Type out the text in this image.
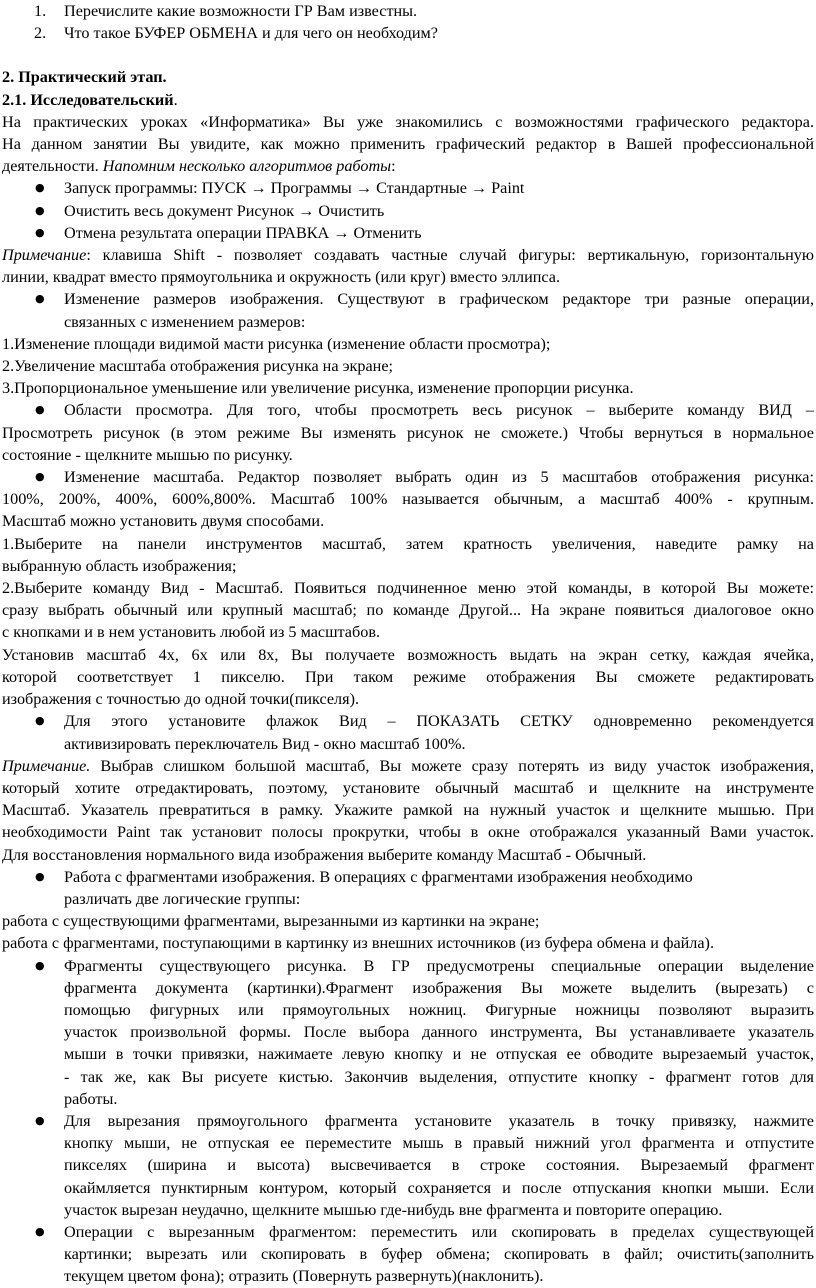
1. Перечислите какие возможности ГР Вам известны.

2. Что такое БУФЕР ОБМЕНА и для чего он необходим?

2. Практический этап.

2.1. Исследовательский.

На практических уроках «Информатика» Вы уже знакомились с возможностями графического редактора.

На данном занятии Вы увидите, как можно применить графический редактор в Вашей профессиональной

деятельности. Напомним несколько алгоритмов работы:

● Запуск программы: ПУСК → Программы → Стандартные → Paint

● Очистить весь документ Рисунок → Очистить

● Отмена результата операции ПРАВКА → Отменить

Примечание: клавиша Shift - позволяет создавать частные случай фигуры: вертикальную, горизонтальную

линии, квадрат вместо прямоугольника и окружность (или круг) вместо эллипса.

● Изменение размеров изображения. Существуют в графическом редакторе три разные операции,

связанных с изменением размеров:

1.Изменение площади видимой масти рисунка (изменение области просмотра);

2.Увеличение масштаба отображения рисунка на экране;

3.Пропорциональное уменьшение или увеличение рисунка, изменение пропорции рисунка.

● Области просмотра. Для того, чтобы просмотреть весь рисунок – выберите команду ВИД –

Просмотреть рисунок (в этом режиме Вы изменять рисунок не сможете.) Чтобы вернуться в нормальное

состояние - щелкните мышью по рисунку.

● Изменение масштаба. Редактор позволяет выбрать один из 5 масштабов отображения рисунка:

100%, 200%, 400%, 600%,800%. Масштаб 100% называется обычным, а масштаб 400% - крупным.

Масштаб можно установить двумя способами.

1.Выберите на панели инструментов масштаб, затем кратность увеличения, наведите рамку на

выбранную область изображения;

2.Выберите команду Вид - Масштаб. Появиться подчиненное меню этой команды, в которой Вы можете:

сразу выбрать обычный или крупный масштаб; по команде Другой... На экране появиться диалоговое окно

с кнопками и в нем установить любой из 5 масштабов.

Установив масштаб 4х, 6х или 8х, Вы получаете возможность выдать на экран сетку, каждая ячейка,

которой соответствует 1 пикселю. При таком режиме отображения Вы сможете редактировать

изображения с точностью до одной точки(пикселя).

● Для этого установите флажок Вид – ПОКАЗАТЬ СЕТКУ одновременно рекомендуется

активизировать переключатель Вид - окно масштаб 100%.

Примечание. Выбрав слишком большой масштаб, Вы можете сразу потерять из виду участок изображения,

который хотите отредактировать, поэтому, установите обычный масштаб и щелкните на инструменте

Масштаб. Указатель превратиться в рамку. Укажите рамкой на нужный участок и щелкните мышью. При

необходимости Paint так установит полосы прокрутки, чтобы в окне отображался указанный Вами участок.

Для восстановления нормального вида изображения выберите команду Масштаб - Обычный.

● Работа с фрагментами изображения. В операциях с фрагментами изображения необходимо

различать две логические группы:

работа с существующими фрагментами, вырезанными из картинки на экране;

работа с фрагментами, поступающими в картинку из внешних источников (из буфера обмена и файла).

● Фрагменты существующего рисунка. В ГР предусмотрены специальные операции выделение

фрагмента документа (картинки).Фрагмент изображения Вы можете выделить (вырезать) с

помощью фигурных или прямоугольных ножниц. Фигурные ножницы позволяют выразить

участок произвольной формы. После выбора данного инструмента, Вы устанавливаете указатель

мыши в точки привязки, нажимаете левую кнопку и не отпуская ее обводите вырезаемый участок,

- так же, как Вы рисуете кистью. Закончив выделения, отпустите кнопку - фрагмент готов для

работы.

● Для вырезания прямоугольного фрагмента установите указатель в точку привязку, нажмите

кнопку мыши, не отпуская ее переместите мышь в правый нижний угол фрагмента и отпустите

пикселях (ширина и высота) высвечивается в строке состояния. Вырезаемый фрагмент

окаймляется пунктирным контуром, который сохраняется и после отпускания кнопки мыши. Если

участок вырезан неудачно, щелкните мышью где-нибудь вне фрагмента и повторите операцию.

● Операции с вырезанным фрагментом: переместить или скопировать в пределах существующей

картинки; вырезать или скопировать в буфер обмена; скопировать в файл; очистить(заполнить

текущем цветом фона); отразить (Повернуть развернуть)(наклонить).
